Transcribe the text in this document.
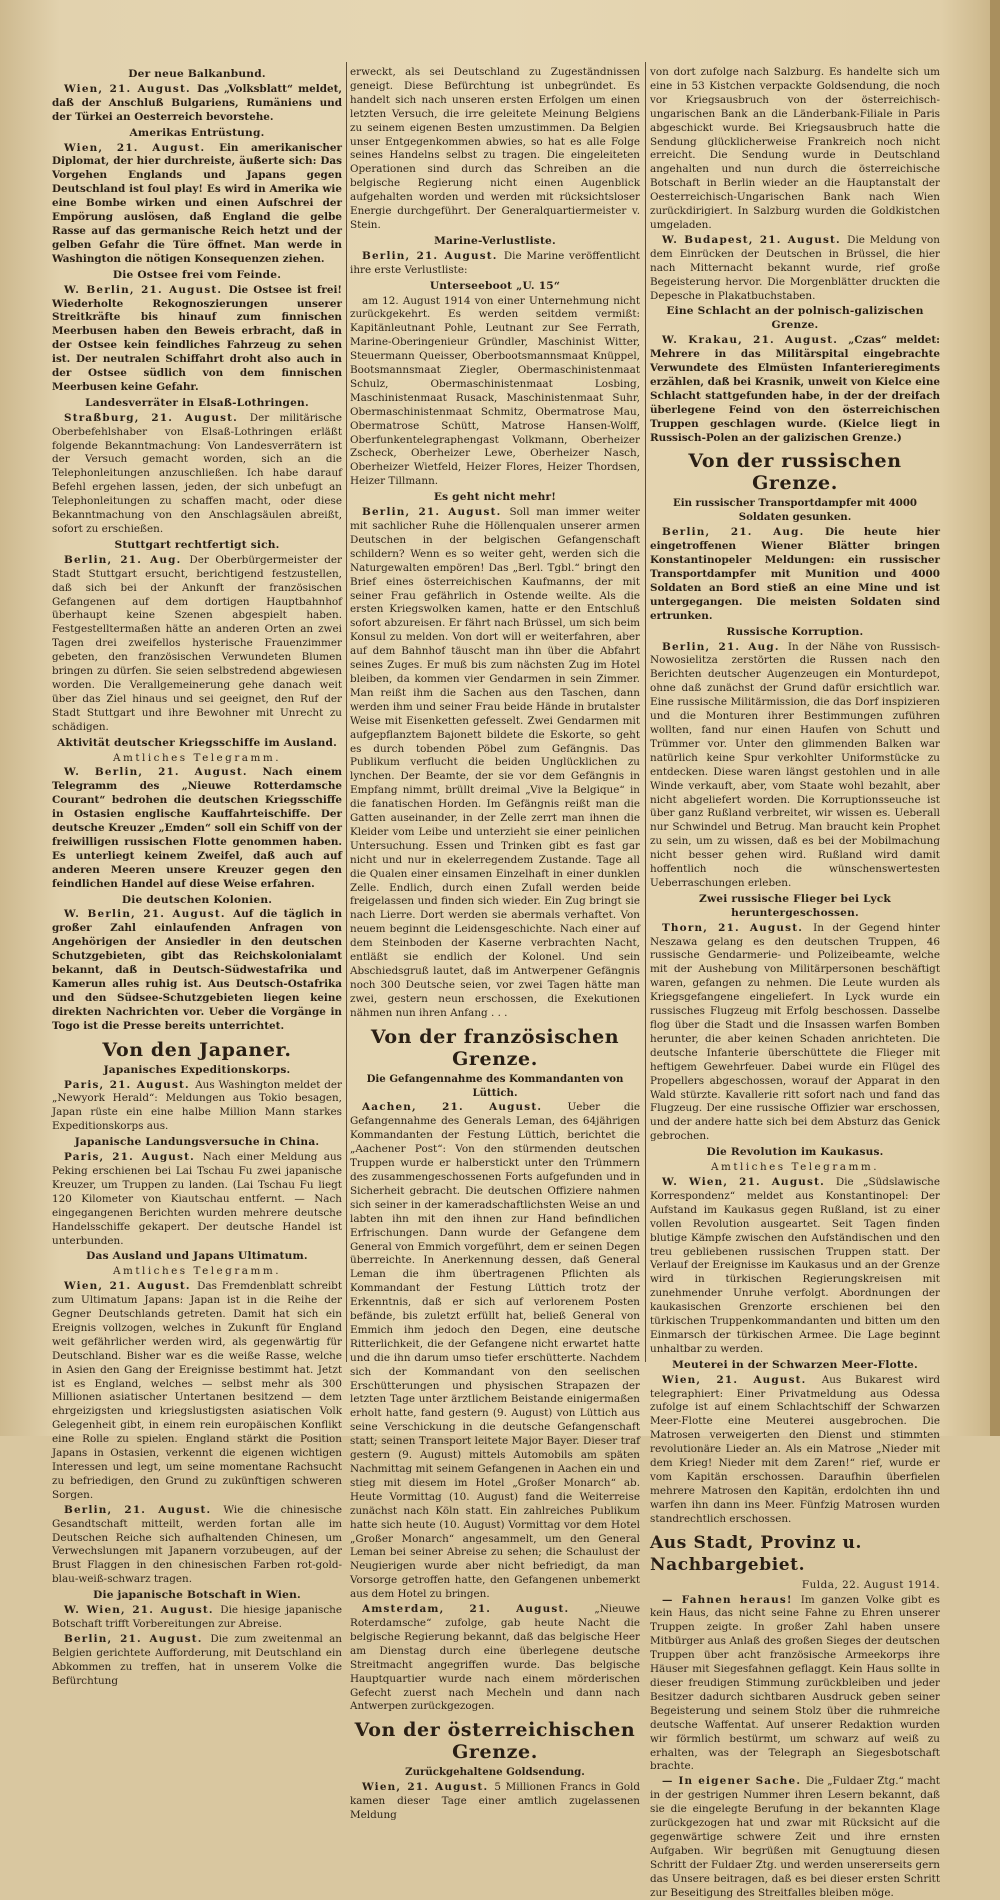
Der neue Balkanbund.

Wien, 21. August. Das „Volksblatt“ meldet, daß der Anschluß Bulgariens, Rumäniens und der Türkei an Oesterreich bevorstehe.

Amerikas Entrüstung.

Wien, 21. August. Ein amerikanischer Diplomat, der hier durchreiste, äußerte sich: Das Vorgehen Englands und Japans gegen Deutschland ist foul play! Es wird in Amerika wie eine Bombe wirken und einen Aufschrei der Empörung auslösen, daß England die gelbe Rasse auf das germanische Reich hetzt und der gelben Gefahr die Türe öffnet. Man werde in Washington die nötigen Konsequenzen ziehen.

Die Ostsee frei vom Feinde.

W. Berlin, 21. August. Die Ostsee ist frei! Wiederholte Rekognoszierungen unserer Streitkräfte bis hinauf zum finnischen Meerbusen haben den Beweis erbracht, daß in der Ostsee kein feindliches Fahrzeug zu sehen ist. Der neutralen Schiffahrt droht also auch in der Ostsee südlich von dem finnischen Meerbusen keine Gefahr.

Landesverräter in Elsaß-Lothringen.

Straßburg, 21. August. Der militärische Oberbefehlshaber von Elsaß-Lothringen erläßt folgende Bekanntmachung: Von Landesverrätern ist der Versuch gemacht worden, sich an die Telephonleitungen anzuschließen. Ich habe darauf Befehl ergehen lassen, jeden, der sich unbefugt an Telephonleitungen zu schaffen macht, oder diese Bekanntmachung von den Anschlagsäulen abreißt, sofort zu erschießen.

Stuttgart rechtfertigt sich.

Berlin, 21. Aug. Der Oberbürgermeister der Stadt Stuttgart ersucht, berichtigend festzustellen, daß sich bei der Ankunft der französischen Gefangenen auf dem dortigen Hauptbahnhof überhaupt keine Szenen abgespielt haben. Festgestelltermaßen hätte an anderen Orten an zwei Tagen drei zweifellos hysterische Frauenzimmer gebeten, den französischen Verwundeten Blumen bringen zu dürfen. Sie seien selbstredend abgewiesen worden. Die Verallgemeinerung gehe danach weit über das Ziel hinaus und sei geeignet, den Ruf der Stadt Stuttgart und ihre Bewohner mit Unrecht zu schädigen.

Aktivität deutscher Kriegsschiffe im Ausland.
Amtliches Telegramm.

W. Berlin, 21. August. Nach einem Telegramm des „Nieuwe Rotterdamsche Courant“ bedrohen die deutschen Kriegsschiffe in Ostasien englische Kauffahrteischiffe. Der deutsche Kreuzer „Emden“ soll ein Schiff von der freiwilligen russischen Flotte genommen haben. Es unterliegt keinem Zweifel, daß auch auf anderen Meeren unsere Kreuzer gegen den feindlichen Handel auf diese Weise erfahren.

Die deutschen Kolonien.

W. Berlin, 21. August. Auf die täglich in großer Zahl einlaufenden Anfragen von Angehörigen der Ansiedler in den deutschen Schutzgebieten, gibt das Reichskolonialamt bekannt, daß in Deutsch-Südwestafrika und Kamerun alles ruhig ist. Aus Deutsch-Ostafrika und den Südsee-Schutzgebieten liegen keine direkten Nachrichten vor. Ueber die Vorgänge in Togo ist die Presse bereits unterrichtet.

Von den Japaner.
Japanisches Expeditionskorps.

Paris, 21. August. Aus Washington meldet der „Newyork Herald“: Meldungen aus Tokio besagen, Japan rüste ein eine halbe Million Mann starkes Expeditionskorps aus.

Japanische Landungsversuche in China.

Paris, 21. August. Nach einer Meldung aus Peking erschienen bei Lai Tschau Fu zwei japanische Kreuzer, um Truppen zu landen. (Lai Tschau Fu liegt 120 Kilometer von Kiautschau entfernt. — Nach eingegangenen Berichten wurden mehrere deutsche Handelsschiffe gekapert. Der deutsche Handel ist unterbunden.

Das Ausland und Japans Ultimatum.
Amtliches Telegramm.

Wien, 21. August. Das Fremdenblatt schreibt zum Ultimatum Japans: Japan ist in die Reihe der Gegner Deutschlands getreten. Damit hat sich ein Ereignis vollzogen, welches in Zukunft für England weit gefährlicher werden wird, als gegenwärtig für Deutschland. Bisher war es die weiße Rasse, welche in Asien den Gang der Ereignisse bestimmt hat. Jetzt ist es England, welches — selbst mehr als 300 Millionen asiatischer Untertanen besitzend — dem ehrgeizigsten und kriegslustigsten asiatischen Volk Gelegenheit gibt, in einem rein europäischen Konflikt eine Rolle zu spielen. England stärkt die Position Japans in Ostasien, verkennt die eigenen wichtigen Interessen und legt, um seine momentane Rachsucht zu befriedigen, den Grund zu zukünftigen schweren Sorgen.

Berlin, 21. August. Wie die chinesische Gesandtschaft mitteilt, werden fortan alle im Deutschen Reiche sich aufhaltenden Chinesen, um Verwechslungen mit Japanern vorzubeugen, auf der Brust Flaggen in den chinesischen Farben rot-gold-blau-weiß-schwarz tragen.

Die japanische Botschaft in Wien.

W. Wien, 21. August. Die hiesige japanische Botschaft trifft Vorbereitungen zur Abreise.

Berlin, 21. August. Die zum zweitenmal an Belgien gerichtete Aufforderung, mit Deutschland ein Abkommen zu treffen, hat in unserem Volke die Befürchtung

erweckt, als sei Deutschland zu Zugeständnissen geneigt. Diese Befürchtung ist unbegründet. Es handelt sich nach unseren ersten Erfolgen um einen letzten Versuch, die irre geleitete Meinung Belgiens zu seinem eigenen Besten umzustimmen. Da Belgien unser Entgegenkommen abwies, so hat es alle Folge seines Handelns selbst zu tragen. Die eingeleiteten Operationen sind durch das Schreiben an die belgische Regierung nicht einen Augenblick aufgehalten worden und werden mit rücksichtsloser Energie durchgeführt. Der Generalquartiermeister v. Stein.

Marine-Verlustliste.

Berlin, 21. August. Die Marine veröffentlicht ihre erste Verlustliste:

Unterseeboot „U. 15“

am 12. August 1914 von einer Unternehmung nicht zurückgekehrt. Es werden seitdem vermißt: Kapitänleutnant Pohle, Leutnant zur See Ferrath, Marine-Oberingenieur Gründler, Maschinist Witter, Steuermann Queisser, Oberbootsmannsmaat Knüppel, Bootsmannsmaat Ziegler, Obermaschinistenmaat Schulz, Obermaschinistenmaat Losbing, Maschinistenmaat Rusack, Maschinistenmaat Suhr, Obermaschinistenmaat Schmitz, Obermatrose Mau, Obermatrose Schütt, Matrose Hansen-Wolff, Oberfunkentelegraphengast Volkmann, Oberheizer Zscheck, Oberheizer Lewe, Oberheizer Nasch, Oberheizer Wietfeld, Heizer Flores, Heizer Thordsen, Heizer Tillmann.

Es geht nicht mehr!

Berlin, 21. August. Soll man immer weiter mit sachlicher Ruhe die Höllenqualen unserer armen Deutschen in der belgischen Gefangenschaft schildern? Wenn es so weiter geht, werden sich die Naturgewalten empören! Das „Berl. Tgbl.“ bringt den Brief eines österreichischen Kaufmanns, der mit seiner Frau gefährlich in Ostende weilte. Als die ersten Kriegswolken kamen, hatte er den Entschluß sofort abzureisen. Er fährt nach Brüssel, um sich beim Konsul zu melden. Von dort will er weiterfahren, aber auf dem Bahnhof täuscht man ihn über die Abfahrt seines Zuges. Er muß bis zum nächsten Zug im Hotel bleiben, da kommen vier Gendarmen in sein Zimmer. Man reißt ihm die Sachen aus den Taschen, dann werden ihm und seiner Frau beide Hände in brutalster Weise mit Eisenketten gefesselt. Zwei Gendarmen mit aufgepflanztem Bajonett bildete die Eskorte, so geht es durch tobenden Pöbel zum Gefängnis. Das Publikum verflucht die beiden Unglücklichen zu lynchen. Der Beamte, der sie vor dem Gefängnis in Empfang nimmt, brüllt dreimal „Vive la Belgique“ in die fanatischen Horden. Im Gefängnis reißt man die Gatten auseinander, in der Zelle zerrt man ihnen die Kleider vom Leibe und unterzieht sie einer peinlichen Untersuchung. Essen und Trinken gibt es fast gar nicht und nur in ekelerregendem Zustande. Tage all die Qualen einer einsamen Einzelhaft in einer dunklen Zelle. Endlich, durch einen Zufall werden beide freigelassen und finden sich wieder. Ein Zug bringt sie nach Lierre. Dort werden sie abermals verhaftet. Von neuem beginnt die Leidensgeschichte. Nach einer auf dem Steinboden der Kaserne verbrachten Nacht, entläßt sie endlich der Kolonel. Und sein Abschiedsgruß lautet, daß im Antwerpener Gefängnis noch 300 Deutsche seien, vor zwei Tagen hätte man zwei, gestern neun erschossen, die Exekutionen nähmen nun ihren Anfang . . .

Von der französischen Grenze.
Die Gefangennahme des Kommandanten von Lüttich.

Aachen, 21. August. Ueber die Gefangennahme des Generals Leman, des 64jährigen Kommandanten der Festung Lüttich, berichtet die „Aachener Post“: Von den stürmenden deutschen Truppen wurde er halberstickt unter den Trümmern des zusammengeschossenen Forts aufgefunden und in Sicherheit gebracht. Die deutschen Offiziere nahmen sich seiner in der kameradschaftlichsten Weise an und labten ihn mit den ihnen zur Hand befindlichen Erfrischungen. Dann wurde der Gefangene dem General von Emmich vorgeführt, dem er seinen Degen überreichte. In Anerkennung dessen, daß General Leman die ihm übertragenen Pflichten als Kommandant der Festung Lüttich trotz der Erkenntnis, daß er sich auf verlorenem Posten befände, bis zuletzt erfüllt hat, beließ General von Emmich ihm jedoch den Degen, eine deutsche Ritterlichkeit, die der Gefangene nicht erwartet hatte und die ihn darum umso tiefer erschütterte. Nachdem sich der Kommandant von den seelischen Erschütterungen und physischen Strapazen der letzten Tage unter ärztlichem Beistande einigermaßen erholt hatte, fand gestern (9. August) von Lüttich aus seine Verschickung in die deutsche Gefangenschaft statt; seinen Transport leitete Major Bayer. Dieser traf gestern (9. August) mittels Automobils am späten Nachmittag mit seinem Gefangenen in Aachen ein und stieg mit diesem im Hotel „Großer Monarch“ ab. Heute Vormittag (10. August) fand die Weiterreise zunächst nach Köln statt. Ein zahlreiches Publikum hatte sich heute (10. August) Vormittag vor dem Hotel „Großer Monarch“ angesammelt, um den General Leman bei seiner Abreise zu sehen; die Schaulust der Neugierigen wurde aber nicht befriedigt, da man Vorsorge getroffen hatte, den Gefangenen unbemerkt aus dem Hotel zu bringen.

Amsterdam, 21. August. „Nieuwe Roterdamsche“ zufolge, gab heute Nacht die belgische Regierung bekannt, daß das belgische Heer am Dienstag durch eine überlegene deutsche Streitmacht angegriffen wurde. Das belgische Hauptquartier wurde nach einem mörderischen Gefecht zuerst nach Mecheln und dann nach Antwerpen zurückgezogen.

Von der österreichischen Grenze.
Zurückgehaltene Goldsendung.

Wien, 21. August. 5 Millionen Francs in Gold kamen dieser Tage einer amtlich zugelassenen Meldung

von dort zufolge nach Salzburg. Es handelte sich um eine in 53 Kistchen verpackte Goldsendung, die noch vor Kriegsausbruch von der österreichisch-ungarischen Bank an die Länderbank-Filiale in Paris abgeschickt wurde. Bei Kriegsausbruch hatte die Sendung glücklicherweise Frankreich noch nicht erreicht. Die Sendung wurde in Deutschland angehalten und nun durch die österreichische Botschaft in Berlin wieder an die Hauptanstalt der Oesterreichisch-Ungarischen Bank nach Wien zurückdirigiert. In Salzburg wurden die Goldkistchen umgeladen.

W. Budapest, 21. August. Die Meldung von dem Einrücken der Deutschen in Brüssel, die hier nach Mitternacht bekannt wurde, rief große Begeisterung hervor. Die Morgenblätter druckten die Depesche in Plakatbuchstaben.

Eine Schlacht an der polnisch-galizischen Grenze.

W. Krakau, 21. August. „Czas“ meldet: Mehrere in das Militärspital eingebrachte Verwundete des Elmüsten Infanterieregiments erzählen, daß bei Krasnik, unweit von Kielce eine Schlacht stattgefunden habe, in der der dreifach überlegene Feind von den österreichischen Truppen geschlagen wurde. (Kielce liegt in Russisch-Polen an der galizischen Grenze.)

Von der russischen Grenze.
Ein russischer Transportdampfer mit 4000 Soldaten gesunken.

Berlin, 21. Aug. Die heute hier eingetroffenen Wiener Blätter bringen Konstantinopeler Meldungen: ein russischer Transportdampfer mit Munition und 4000 Soldaten an Bord stieß an eine Mine und ist untergegangen. Die meisten Soldaten sind ertrunken.

Russische Korruption.

Berlin, 21. Aug. In der Nähe von Russisch-Nowosielitza zerstörten die Russen nach den Berichten deutscher Augenzeugen ein Monturdepot, ohne daß zunächst der Grund dafür ersichtlich war. Eine russische Militärmission, die das Dorf inspizieren und die Monturen ihrer Bestimmungen zuführen wollten, fand nur einen Haufen von Schutt und Trümmer vor. Unter den glimmenden Balken war natürlich keine Spur verkohlter Uniformstücke zu entdecken. Diese waren längst gestohlen und in alle Winde verkauft, aber, vom Staate wohl bezahlt, aber nicht abgeliefert worden. Die Korruptionsseuche ist über ganz Rußland verbreitet, wir wissen es. Ueberall nur Schwindel und Betrug. Man braucht kein Prophet zu sein, um zu wissen, daß es bei der Mobilmachung nicht besser gehen wird. Rußland wird damit hoffentlich noch die wünschenswertesten Ueberraschungen erleben.

Zwei russische Flieger bei Lyck heruntergeschossen.

Thorn, 21. August. In der Gegend hinter Neszawa gelang es den deutschen Truppen, 46 russische Gendarmerie- und Polizeibeamte, welche mit der Aushebung von Militärpersonen beschäftigt waren, gefangen zu nehmen. Die Leute wurden als Kriegsgefangene eingeliefert. In Lyck wurde ein russisches Flugzeug mit Erfolg beschossen. Dasselbe flog über die Stadt und die Insassen warfen Bomben herunter, die aber keinen Schaden anrichteten. Die deutsche Infanterie überschüttete die Flieger mit heftigem Gewehrfeuer. Dabei wurde ein Flügel des Propellers abgeschossen, worauf der Apparat in den Wald stürzte. Kavallerie ritt sofort nach und fand das Flugzeug. Der eine russische Offizier war erschossen, und der andere hatte sich bei dem Absturz das Genick gebrochen.

Die Revolution im Kaukasus.
Amtliches Telegramm.

W. Wien, 21. August. Die „Südslawische Korrespondenz“ meldet aus Konstantinopel: Der Aufstand im Kaukasus gegen Rußland, ist zu einer vollen Revolution ausgeartet. Seit Tagen finden blutige Kämpfe zwischen den Aufständischen und den treu gebliebenen russischen Truppen statt. Der Verlauf der Ereignisse im Kaukasus und an der Grenze wird in türkischen Regierungskreisen mit zunehmender Unruhe verfolgt. Abordnungen der kaukasischen Grenzorte erschienen bei den türkischen Truppenkommandanten und bitten um den Einmarsch der türkischen Armee. Die Lage beginnt unhaltbar zu werden.

Meuterei in der Schwarzen Meer-Flotte.

Wien, 21. August. Aus Bukarest wird telegraphiert: Einer Privatmeldung aus Odessa zufolge ist auf einem Schlachtschiff der Schwarzen Meer-Flotte eine Meuterei ausgebrochen. Die Matrosen verweigerten den Dienst und stimmten revolutionäre Lieder an. Als ein Matrose „Nieder mit dem Krieg! Nieder mit dem Zaren!“ rief, wurde er vom Kapitän erschossen. Daraufhin überfielen mehrere Matrosen den Kapitän, erdolchten ihn und warfen ihn dann ins Meer. Fünfzig Matrosen wurden standrechtlich erschossen.

Aus Stadt, Provinz u. Nachbargebiet.
Fulda, 22. August 1914.

— Fahnen heraus! Im ganzen Volke gibt es kein Haus, das nicht seine Fahne zu Ehren unserer Truppen zeigte. In großer Zahl haben unsere Mitbürger aus Anlaß des großen Sieges der deutschen Truppen über acht französische Armeekorps ihre Häuser mit Siegesfahnen geflaggt. Kein Haus sollte in dieser freudigen Stimmung zurückbleiben und jeder Besitzer dadurch sichtbaren Ausdruck geben seiner Begeisterung und seinem Stolz über die ruhmreiche deutsche Waffentat. Auf unserer Redaktion wurden wir förmlich bestürmt, um schwarz auf weiß zu erhalten, was der Telegraph an Siegesbotschaft brachte.

— In eigener Sache. Die „Fuldaer Ztg.“ macht in der gestrigen Nummer ihren Lesern bekannt, daß sie die eingelegte Berufung in der bekannten Klage zurückgezogen hat und zwar mit Rücksicht auf die gegenwärtige schwere Zeit und ihre ernsten Aufgaben. Wir begrüßen mit Genugtuung diesen Schritt der Fuldaer Ztg. und werden unsererseits gern das Unsere beitragen, daß es bei dieser ersten Schritt zur Beseitigung des Streitfalles bleiben möge.
